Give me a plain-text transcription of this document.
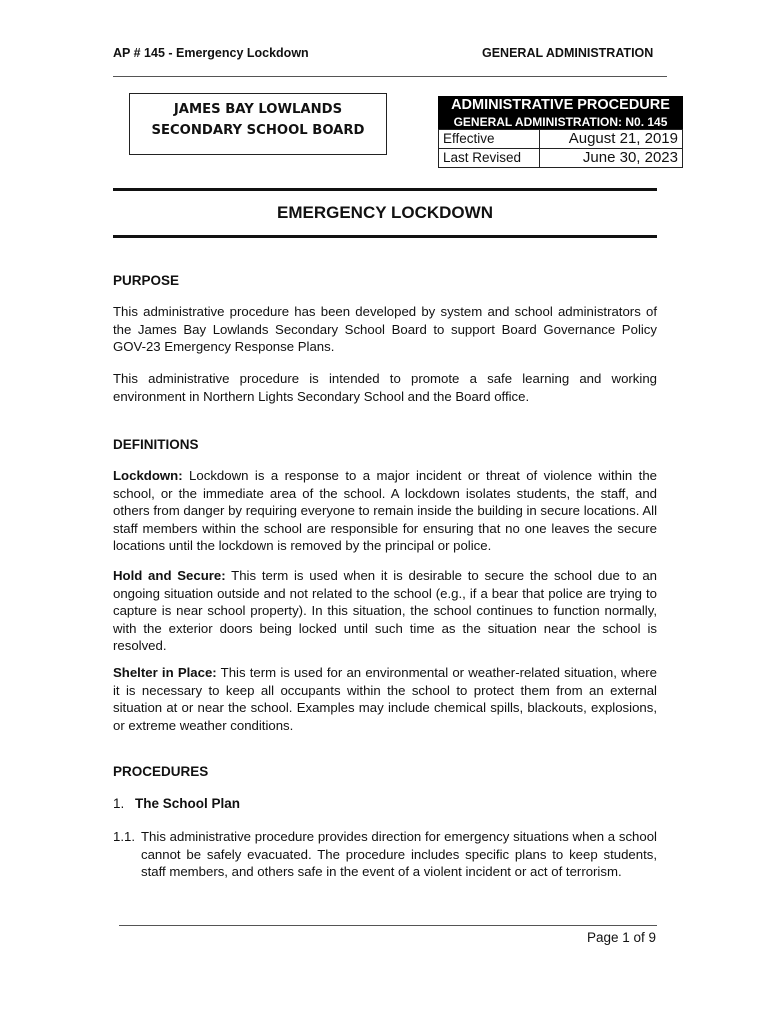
AP # 145 - Emergency Lockdown	GENERAL ADMINISTRATION
JAMES BAY LOWLANDS
SECONDARY SCHOOL BOARD
ADMINISTRATIVE PROCEDURE
GENERAL ADMINISTRATION: N0. 145
Effective	August 21, 2019
Last Revised	June 30, 2023
EMERGENCY LOCKDOWN
PURPOSE
This administrative procedure has been developed by system and school administrators of the James Bay Lowlands Secondary School Board to support Board Governance Policy GOV-23 Emergency Response Plans.
This administrative procedure is intended to promote a safe learning and working environment in Northern Lights Secondary School and the Board office.
DEFINITIONS
Lockdown: Lockdown is a response to a major incident or threat of violence within the school, or the immediate area of the school. A lockdown isolates students, the staff, and others from danger by requiring everyone to remain inside the building in secure locations. All staff members within the school are responsible for ensuring that no one leaves the secure locations until the lockdown is removed by the principal or police.
Hold and Secure: This term is used when it is desirable to secure the school due to an ongoing situation outside and not related to the school (e.g., if a bear that police are trying to capture is near school property). In this situation, the school continues to function normally, with the exterior doors being locked until such time as the situation near the school is resolved.
Shelter in Place: This term is used for an environmental or weather-related situation, where it is necessary to keep all occupants within the school to protect them from an external situation at or near the school. Examples may include chemical spills, blackouts, explosions, or extreme weather conditions.
PROCEDURES
1. The School Plan
1.1. This administrative procedure provides direction for emergency situations when a school cannot be safely evacuated. The procedure includes specific plans to keep students, staff members, and others safe in the event of a violent incident or act of terrorism.
Page 1 of 9
